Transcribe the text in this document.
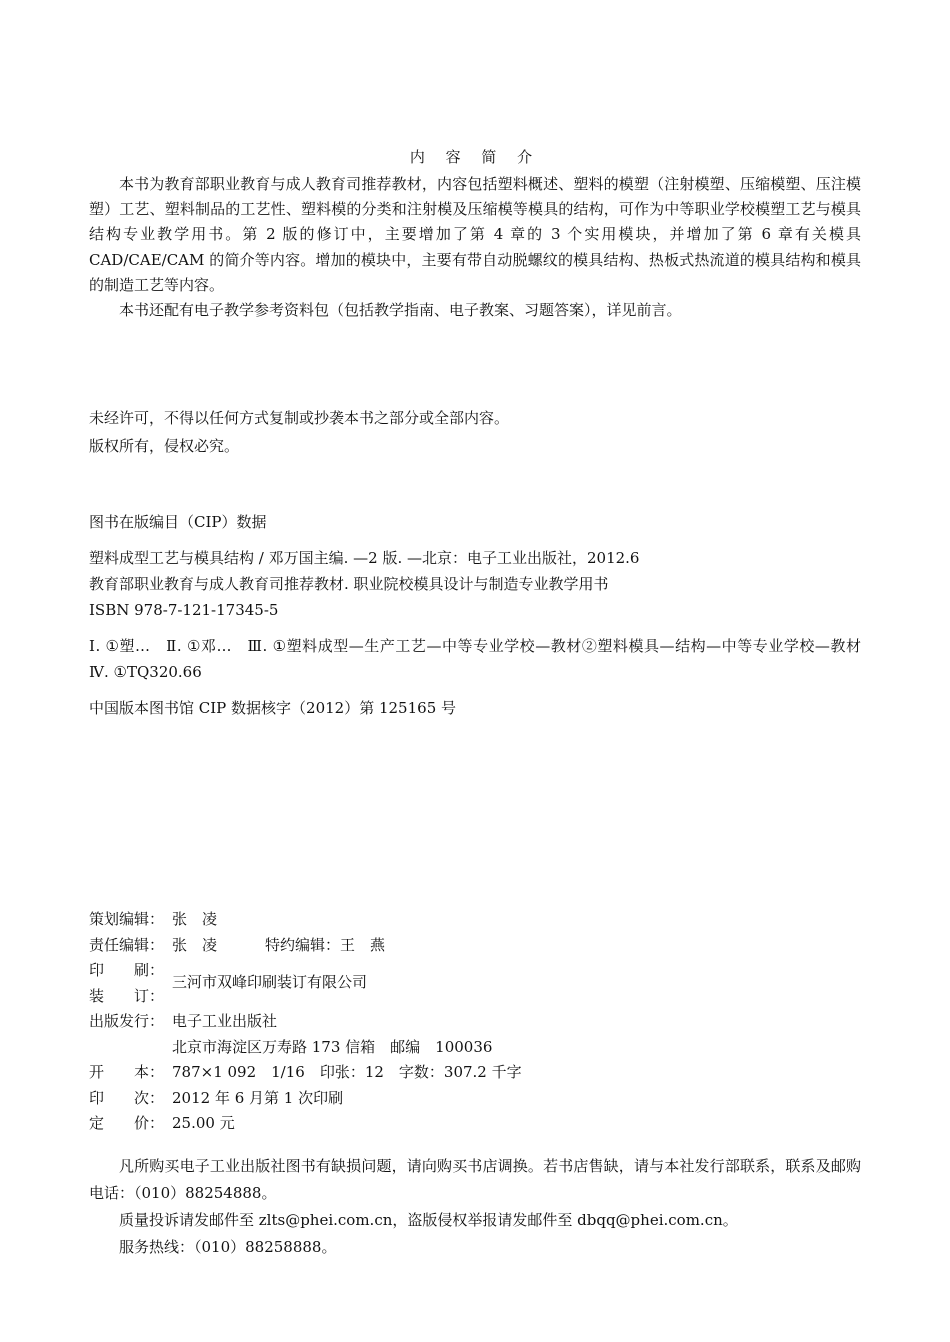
内 容 简 介

本书为教育部职业教育与成人教育司推荐教材，内容包括塑料概述、塑料的模塑（注射模塑、压缩模塑、压注模塑）工艺、塑料制品的工艺性、塑料模的分类和注射模及压缩模等模具的结构，可作为中等职业学校模塑工艺与模具结构专业教学用书。第 2 版的修订中，主要增加了第 4 章的 3 个实用模块，并增加了第 6 章有关模具 CAD/CAE/CAM 的简介等内容。增加的模块中，主要有带自动脱螺纹的模具结构、热板式热流道的模具结构和模具的制造工艺等内容。

本书还配有电子教学参考资料包（包括教学指南、电子教案、习题答案），详见前言。

未经许可，不得以任何方式复制或抄袭本书之部分或全部内容。

版权所有，侵权必究。

图书在版编目（CIP）数据

塑料成型工艺与模具结构 / 邓万国主编. —2 版. —北京：电子工业出版社，2012.6

教育部职业教育与成人教育司推荐教材. 职业院校模具设计与制造专业教学用书

ISBN 978-7-121-17345-5

Ⅰ. ①塑…　Ⅱ. ①邓…　Ⅲ. ①塑料成型—生产工艺—中等专业学校—教材②塑料模具—结构—中等专业学校—教材　Ⅳ. ①TQ320.66

中国版本图书馆 CIP 数据核字（2012）第 125165 号

策划编辑： 张　凌
责任编辑： 张　凌	特约编辑：王　燕
印　　刷：
装　　订：
三河市双峰印刷装订有限公司
出版发行： 电子工业出版社
北京市海淀区万寿路 173 信箱　邮编　100036
开　　本： 787×1 092　1/16　印张：12　字数：307.2 千字
印　　次： 2012 年 6 月第 1 次印刷
定　　价： 25.00 元

凡所购买电子工业出版社图书有缺损问题，请向购买书店调换。若书店售缺，请与本社发行部联系，联系及邮购电话：（010）88254888。

质量投诉请发邮件至 zlts@phei.com.cn，盗版侵权举报请发邮件至 dbqq@phei.com.cn。

服务热线：（010）88258888。
